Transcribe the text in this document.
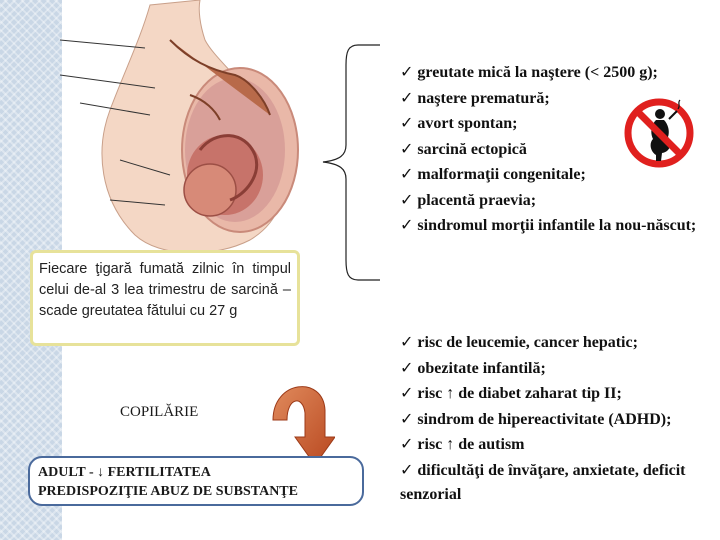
Fiecare ţigară fumată zilnic în timpul celui de-al 3 lea trimestru de sarcină – scade greutatea fătului cu 27 g
COPILĂRIE
ADULT - ↓ FERTILITATEA
PREDISPOZIŢIE ABUZ DE SUBSTANŢE
✓ greutate mică la naştere (< 2500 g);
✓ naştere prematură;
✓ avort spontan;
✓ sarcină ectopică
✓ malformaţii congenitale;
✓ placentă praevia;
✓ sindromul morţii infantile la nou-născut;
✓ risc de leucemie, cancer hepatic;
✓ obezitate infantilă;
✓ risc ↑ de diabet zaharat tip II;
✓ sindrom de hipereactivitate (ADHD);
✓ risc ↑ de autism
✓ dificultăţi de învăţare, anxietate, deficit senzorial
